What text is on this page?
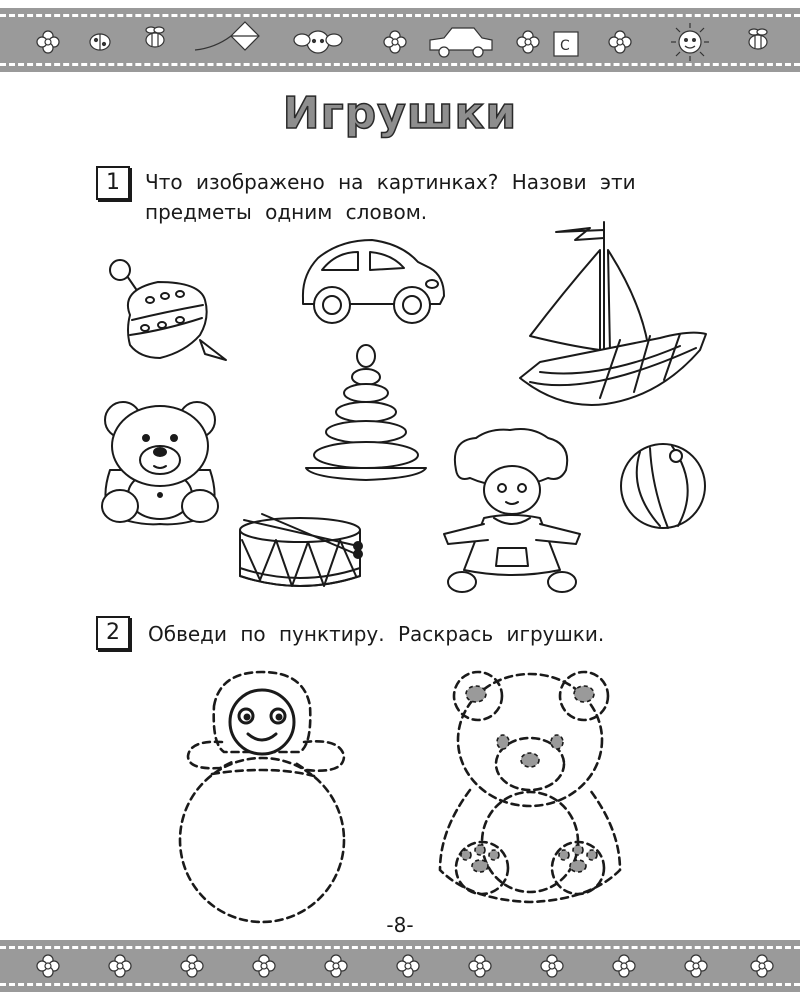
С
Игрушки
1	Что изображено на картинках? Назови эти предметы одним словом.
2	Обведи по пунктиру. Раскрась игрушки.
-8-
